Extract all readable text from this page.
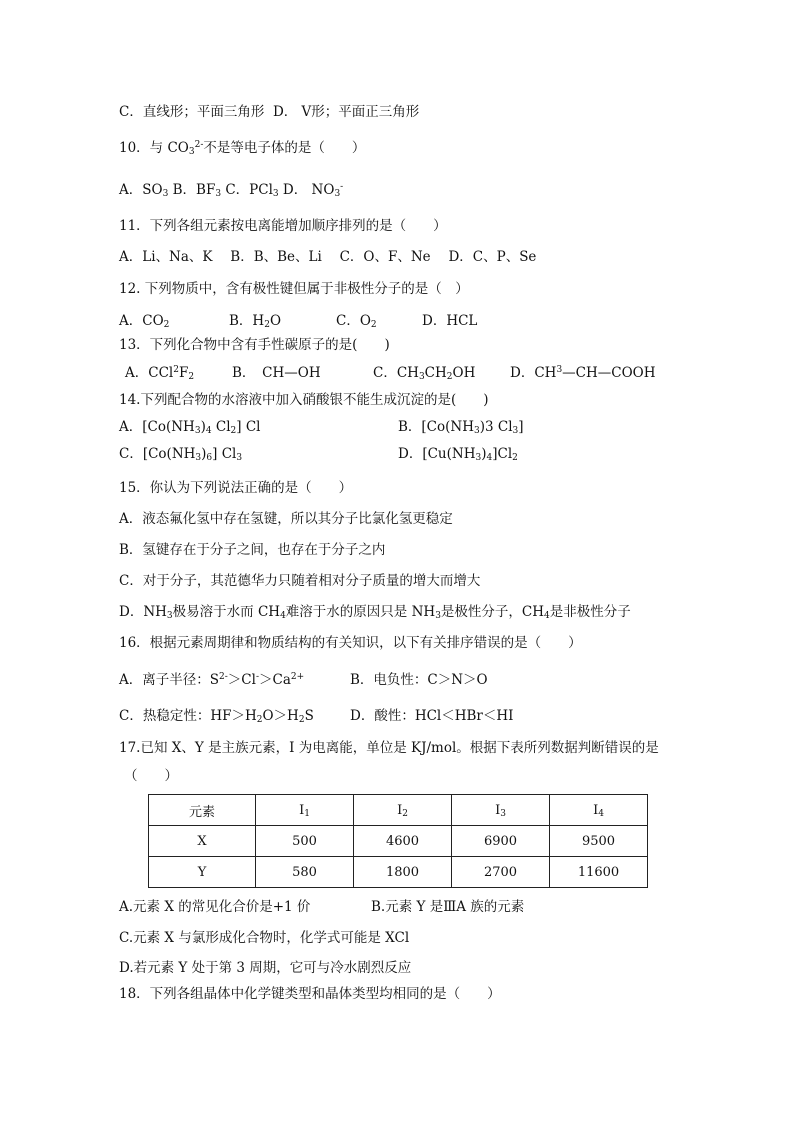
C．直线形；平面三角形 D． V形；平面正三角形
10．与 $CO_3^{2-}$不是等电子体的是（　　）
A．$SO_3$ B．$BF_3$ C．PCl$_3$ D． $NO_3^-$
11．下列各组元素按电离能增加顺序排列的是（　　）
A．Li、Na、K　 B．B、Be、Li　 C．O、F、Ne　 D．C、P、Se
12. 下列物质中，含有极性键但属于非极性分子的是（　）
A．$CO_2$	B．$H_2O$	C．$O_2$	D．HCL
13．下列化合物中含有手性碳原子的是(　　)
A．$CCl^2F_2$	B．　CH—OH	C．$CH_3CH_2OH$	D．$CH^3—CH—COOH$
14.下列配合物的水溶液中加入硝酸银不能生成沉淀的是(　　)
A．[$Co(NH_3)_4$ $Cl_2$] Cl	B．[$Co(NH_3)3$ $Cl_3$]
C．$[Co(NH_3)_6]$ $Cl_3$	D．$[Cu(NH_3)_4]Cl_2$
15．你认为下列说法正确的是（　　）
A．液态氟化氢中存在氢键，所以其分子比氯化氢更稳定
B．氢键存在于分子之间，也存在于分子之内
C．对于分子，其范德华力只随着相对分子质量的增大而增大
D．$NH_3$极易溶于水而 $CH_4$难溶于水的原因只是 $NH_3$是极性分子，$CH_4$是非极性分子
16．根据元素周期律和物质结构的有关知识，以下有关排序错误的是（　　）
A．离子半径：$S^{2-}>Cl^->Ca^{2+}$	B．电负性：C＞N＞O
C．热稳定性：$HF>H_2O>H_2S$	D．酸性：HCl＜HBr＜HI
17.已知 X、Y 是主族元素，I 为电离能，单位是 KJ/mol。根据下表所列数据判断错误的是
（　　）
元素	$I_1$	$I_2$	$I_3$	$I_4$
X	500	4600	6900	9500
Y	580	1800	2700	11600
A.元素 X 的常见化合价是+1 价	B.元素 Y 是ⅢA 族的元素
C.元素 X 与氯形成化合物时，化学式可能是 XCl
D.若元素 Y 处于第 3 周期，它可与冷水剧烈反应
18．下列各组晶体中化学键类型和晶体类型均相同的是（　　）
